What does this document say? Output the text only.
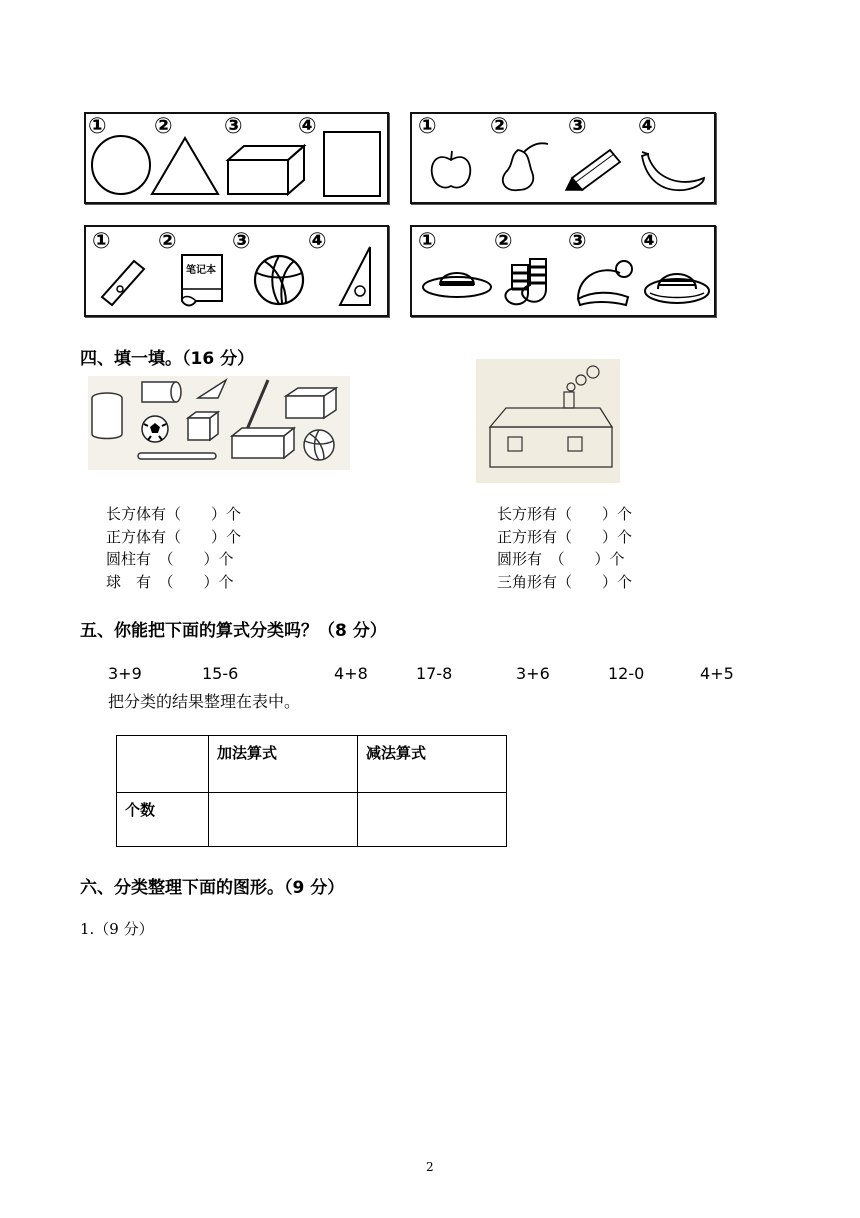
① ② ③	④	① ②	③ ④
① ②	③	④
笔记本
①	②	③ ④
四、填一填。（16 分）
长方体有（　　）个
正方体有（　　）个
圆柱有　（　　）个
球　有　（　　）个
长方形有（　　）个
正方形有（　　）个
圆形有　（　　）个
三角形有（　　）个
五、你能把下面的算式分类吗？（8 分）
3+9	15-6	4+8	17-8	3+6	12-0	4+5
把分类的结果整理在表中。
	加法算式	减法算式
个数		
六、分类整理下面的图形。（9 分）
1.（9 分）
2
